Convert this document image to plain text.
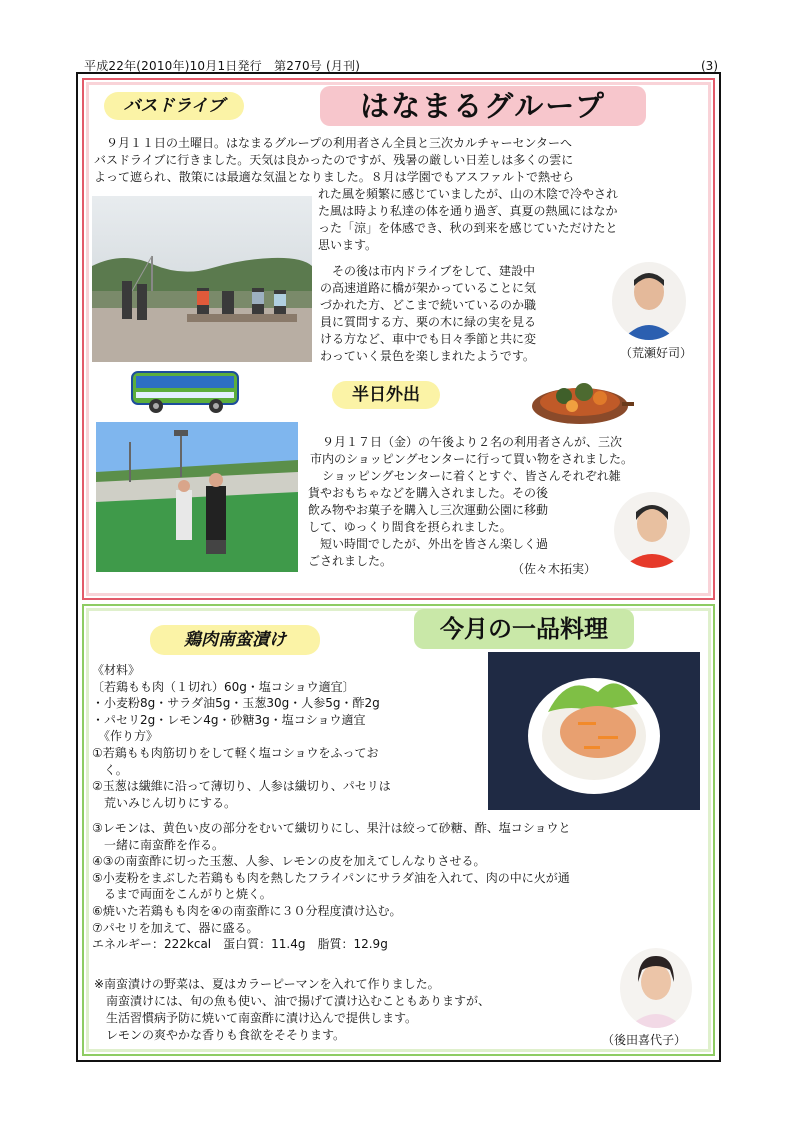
平成22年(2010年)10月1日発行　第270号 (月刊)	(3)
バスドライブ	はなまるグループ
　９月１１日の土曜日。はなまるグループの利用者さん全員と三次カルチャーセンターへ
バスドライブに行きました。天気は良かったのですが、残暑の厳しい日差しは多くの雲に
よって遮られ、散策には最適な気温となりました。８月は学園でもアスファルトで熱せら
れた風を頻繁に感じていましたが、山の木陰で冷やされ
た風は時より私達の体を通り過ぎ、真夏の熱風にはなか
った「涼」を体感でき、秋の到来を感じていただけたと
思います。
　その後は市内ドライブをして、建設中
の高速道路に橋が架かっていることに気
づかれた方、どこまで続いているのか職
員に質問する方、栗の木に緑の実を見る
ける方など、車中でも日々季節と共に変
わっていく景色を楽しまれたようです。	（荒瀬好司）
半日外出
　９月１７日（金）の午後より２名の利用者さんが、三次
市内のショッピングセンターに行って買い物をされました。
　ショッピングセンターに着くとすぐ、皆さんそれぞれ雑
貨やおもちゃなどを購入されました。その後
飲み物やお菓子を購入し三次運動公園に移動
して、ゆっくり間食を摂られました。
　短い時間でしたが、外出を皆さん楽しく過
ごされました。
（佐々木拓実）
鶏肉南蛮漬け	今月の一品料理
《材料》
〔若鶏もも肉（１切れ）60g・塩コショウ適宜〕
・小麦粉8g・サラダ油5g・玉葱30g・人参5g・酢2g
・パセリ2g・レモン4g・砂糖3g・塩コショウ適宜
　《作り方》
①若鶏もも肉筋切りをして軽く塩コショウをふってお
　く。
②玉葱は繊維に沿って薄切り、人参は繊切り、パセリは
　荒いみじん切りにする。
③レモンは、黄色い皮の部分をむいて繊切りにし、果汁は絞って砂糖、酢、塩コショウと
　一緒に南蛮酢を作る。
④③の南蛮酢に切った玉葱、人参、レモンの皮を加えてしんなりさせる。
⑤小麦粉をまぶした若鶏もも肉を熱したフライパンにサラダ油を入れて、肉の中に火が通
　るまで両面をこんがりと焼く。
⑥焼いた若鶏もも肉を④の南蛮酢に３０分程度漬け込む。
⑦パセリを加えて、器に盛る。
エネルギー：222kcal　蛋白質：11.4g　脂質：12.9g
※南蛮漬けの野菜は、夏はカラーピーマンを入れて作りました。
　南蛮漬けには、旬の魚も使い、油で揚げて漬け込むこともありますが、
　生活習慣病予防に焼いて南蛮酢に漬け込んで提供します。
　レモンの爽やかな香りも食欲をそそります。	（後田喜代子）
